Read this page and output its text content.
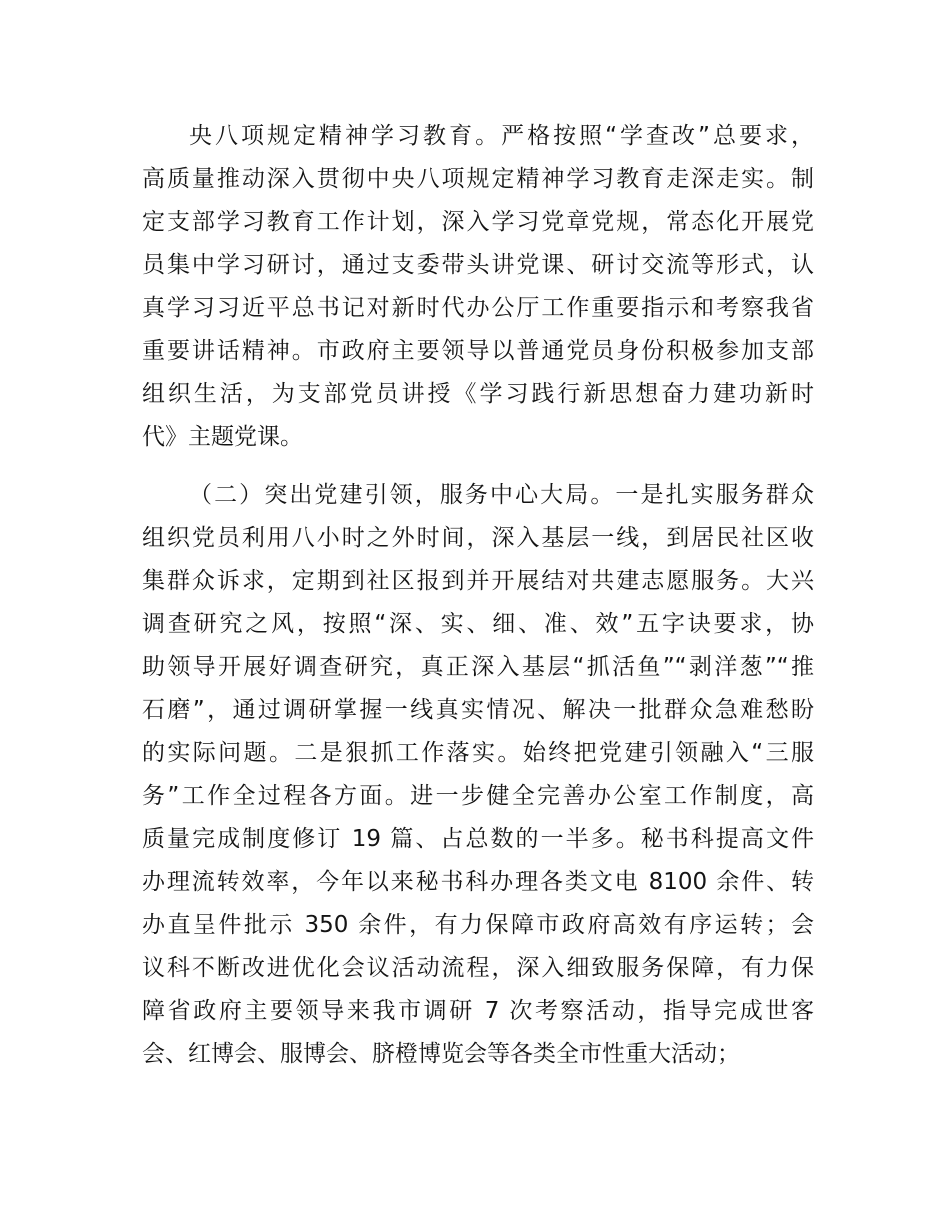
央八项规定精神学习教育。严格按照“学查改”总要求，
高质量推动深入贯彻中央八项规定精神学习教育走深走实。制
定支部学习教育工作计划，深入学习党章党规，常态化开展党
员集中学习研讨，通过支委带头讲党课、研讨交流等形式，认
真学习习近平总书记对新时代办公厅工作重要指示和考察我省
重要讲话精神。市政府主要领导以普通党员身份积极参加支部
组织生活，为支部党员讲授《学习践行新思想奋力建功新时
代》主题党课。
（二）突出党建引领，服务中心大局。一是扎实服务群众
组织党员利用八小时之外时间，深入基层一线，到居民社区收
集群众诉求，定期到社区报到并开展结对共建志愿服务。大兴
调查研究之风，按照“深、实、细、准、效”五字诀要求，协
助领导开展好调查研究，真正深入基层“抓活鱼”“剥洋葱”“推
石磨”，通过调研掌握一线真实情况、解决一批群众急难愁盼
的实际问题。二是狠抓工作落实。始终把党建引领融入“三服
务”工作全过程各方面。进一步健全完善办公室工作制度，高
质量完成制度修订 19 篇、占总数的一半多。秘书科提高文件
办理流转效率，今年以来秘书科办理各类文电 8100 余件、转
办直呈件批示 350 余件，有力保障市政府高效有序运转；会
议科不断改进优化会议活动流程，深入细致服务保障，有力保
障省政府主要领导来我市调研 7 次考察活动，指导完成世客
会、红博会、服博会、脐橙博览会等各类全市性重大活动；
